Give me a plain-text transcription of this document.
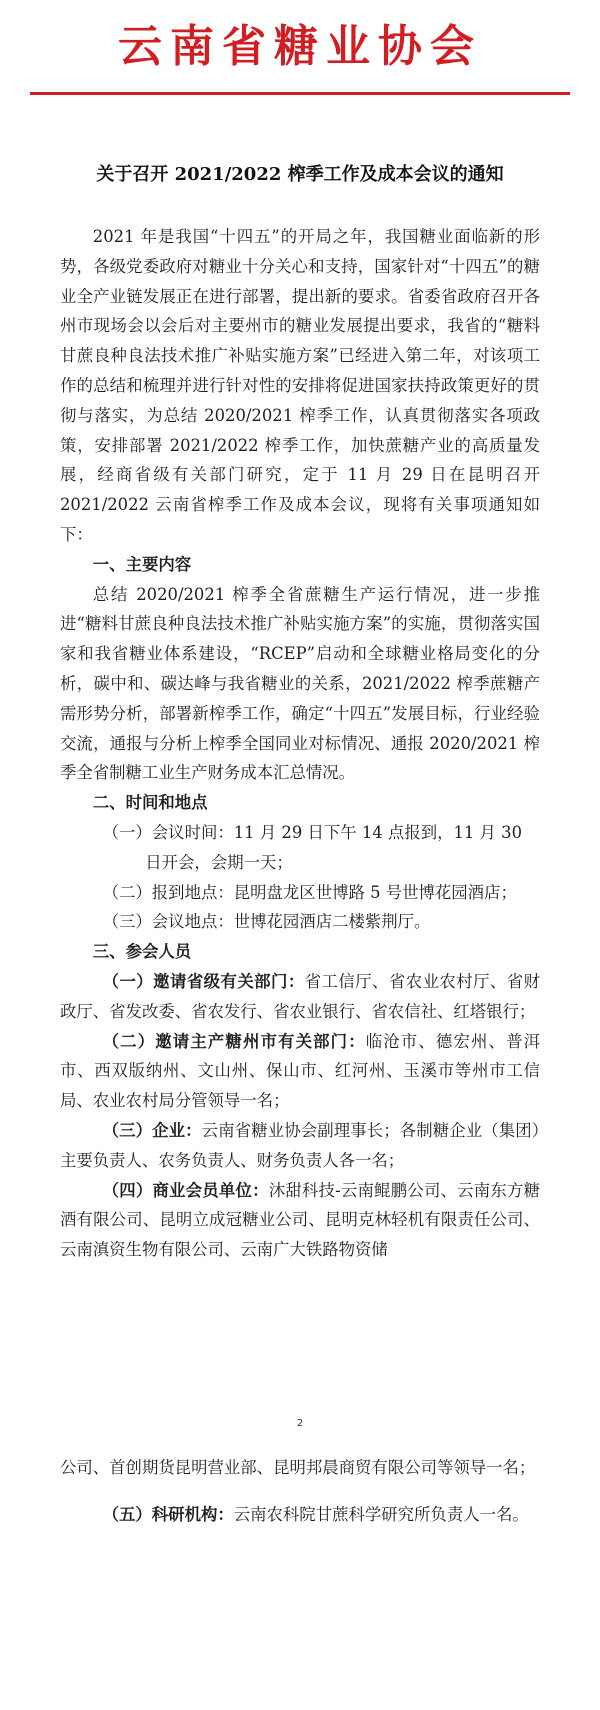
云南省糖业协会
关于召开 2021/2022 榨季工作及成本会议的通知

2021 年是我国“十四五”的开局之年，我国糖业面临新的形势，各级党委政府对糖业十分关心和支持，国家针对“十四五”的糖业全产业链发展正在进行部署，提出新的要求。省委省政府召开各州市现场会以会后对主要州市的糖业发展提出要求，我省的“糖料甘蔗良种良法技术推广补贴实施方案”已经进入第二年，对该项工作的总结和梳理并进行针对性的安排将促进国家扶持政策更好的贯彻与落实，为总结 2020/2021 榨季工作，认真贯彻落实各项政策，安排部署 2021/2022 榨季工作，加快蔗糖产业的高质量发展，经商省级有关部门研究，定于 11 月 29 日在昆明召开 2021/2022 云南省榨季工作及成本会议，现将有关事项通知如下：

一、主要内容

总结 2020/2021 榨季全省蔗糖生产运行情况，进一步推进“糖料甘蔗良种良法技术推广补贴实施方案”的实施，贯彻落实国家和我省糖业体系建设，“RCEP”启动和全球糖业格局变化的分析，碳中和、碳达峰与我省糖业的关系，2021/2022 榨季蔗糖产需形势分析，部署新榨季工作，确定“十四五”发展目标，行业经验交流，通报与分析上榨季全国同业对标情况、通报 2020/2021 榨季全省制糖工业生产财务成本汇总情况。

二、时间和地点

（一）会议时间：11 月 29 日下午 14 点报到，11 月 30

日开会，会期一天；

（二）报到地点：昆明盘龙区世博路 5 号世博花园酒店；

（三）会议地点：世博花园酒店二楼紫荆厅。

三、参会人员

（一）邀请省级有关部门：省工信厅、省农业农村厅、省财政厅、省发改委、省农发行、省农业银行、省农信社、红塔银行；

（二）邀请主产糖州市有关部门：临沧市、德宏州、普洱市、西双版纳州、文山州、保山市、红河州、玉溪市等州市工信局、农业农村局分管领导一名；

（三）企业：云南省糖业协会副理事长；各制糖企业（集团）主要负责人、农务负责人、财务负责人各一名；

（四）商业会员单位：沐甜科技-云南鲲鹏公司、云南东方糖酒有限公司、昆明立成冠糖业公司、昆明克林轻机有限责任公司、云南滇资生物有限公司、云南广大铁路物资储

2

公司、首创期货昆明营业部、昆明邦晨商贸有限公司等领导一名；

（五）科研机构：云南农科院甘蔗科学研究所负责人一名。
